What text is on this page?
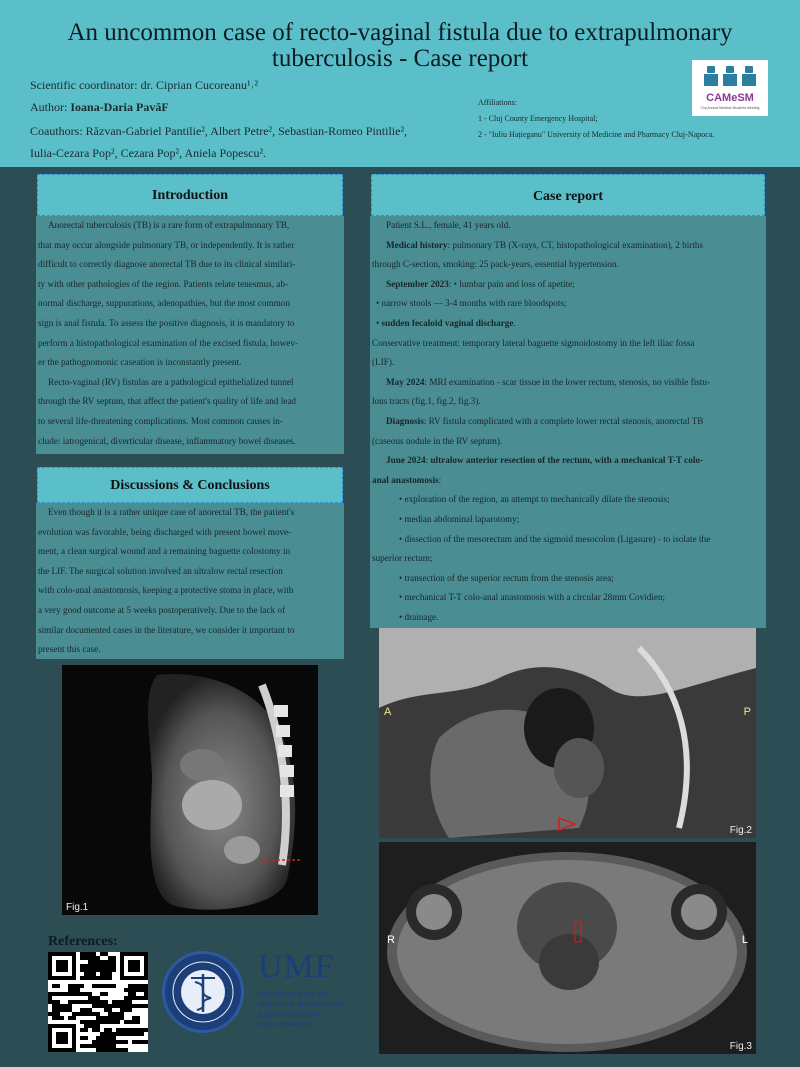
An uncommon case of recto-vaginal fistula due to extrapulmonary
tuberculosis - Case report
Scientific coordinator: dr. Ciprian Cucoreanu¹˒²
Author: Ioana-Daria PavăF
Coauthors: Răzvan-Gabriel Pantilie², Albert Petre², Sebastian-Romeo Pintilie²,
Iulia-Cezara Pop², Cezara Pop², Aniela Popescu².
Affiliations:
1 - Cluj County Emergency Hospital;
2 - "Iuliu Hațieganu" University of Medicine and Pharmacy Cluj-Napoca.
CAMeSM
Cluj Annual Medical Students Meeting
Introduction
Anorectal tuberculosis (TB) is a rare form of extrapulmonary TB,
that may occur alongside pulmonary TB, or independently. It is rather
difficult to correctly diagnose anorectal TB due to its clinical similari-
ty with other pathologies of the region. Patients relate tenesmus, ab-
normal discharge, suppurations, adenopathies, but the most common
sign is anal fistula. To assess the positive diagnosis, it is mandatory to
perform a histopathological examination of the excised fistula, howev-
er the pathognomonic caseation is inconstantly present.
Recto-vaginal (RV) fistulas are a pathological epithelialized tunnel
through the RV septum, that affect the patient's quality of life and lead
to several life-threatening complications. Most common causes in-
clude: iatrogenical, diverticular disease, inflammatory bowel diseases.
Discussions & Conclusions
Even though it is a rather unique case of anorectal TB, the patient's
evolution was favorable, being discharged with present bowel move-
ment, a clean surgical wound and a remaining baguette colostomy in
the LIF. The surgical solution involved an ultralow rectal resection
with colo-anal anastomosis, keeping a protective stoma in place, with
a very good outcome at 5 weeks postoperatively. Due to the lack of
similar documented cases in the literature, we consider it important to
present this case.
Case report
Patient S.L., female, 41 years old.
Medical history: pulmonary TB (X-rays, CT, histopathological examination), 2 births
through C-section, smoking: 25 pack-years, essential hypertension.
September 2023: • lumbar pain and loss of apetite;
• narrow stools — 3-4 months with rare bloodspots;
• sudden fecaloid vaginal discharge.
Conservative treatment: temporary lateral baguette sigmoidostomy in the left iliac fossa
(LIF).
May 2024: MRI examination - scar tissue in the lower rectum, stenosis, no visible fistu-
lous tracts (fig.1, fig.2, fig.3).
Diagnosis: RV fistula complicated with a complete lower rectal stenosis, anorectal TB
(caseous nodule in the RV septum).
June 2024: ultralow anterior resection of the rectum, with a mechanical T-T colo-
anal anastomosis:
• exploration of the region, an attempt to mechanically dilate the stenosis;
• median abdominal laparotomy;
• dissection of the mesorectum and the sigmoid mesocolon (Ligasure) - to isolate the
superior rectum;
• transection of the superior rectum from the stenosis area;
• mechanical T-T colo-anal anastomosis with a circular 28mm Covidien;
• drainage.
Fig.1
A	P
Fig.2
R	L
Fig.3
References:
UMF
UNIVERSITATEA DE
MEDICINĂ ȘI FARMACIE
IULIU HAȚIEGANU
CLUJ-NAPOCA
